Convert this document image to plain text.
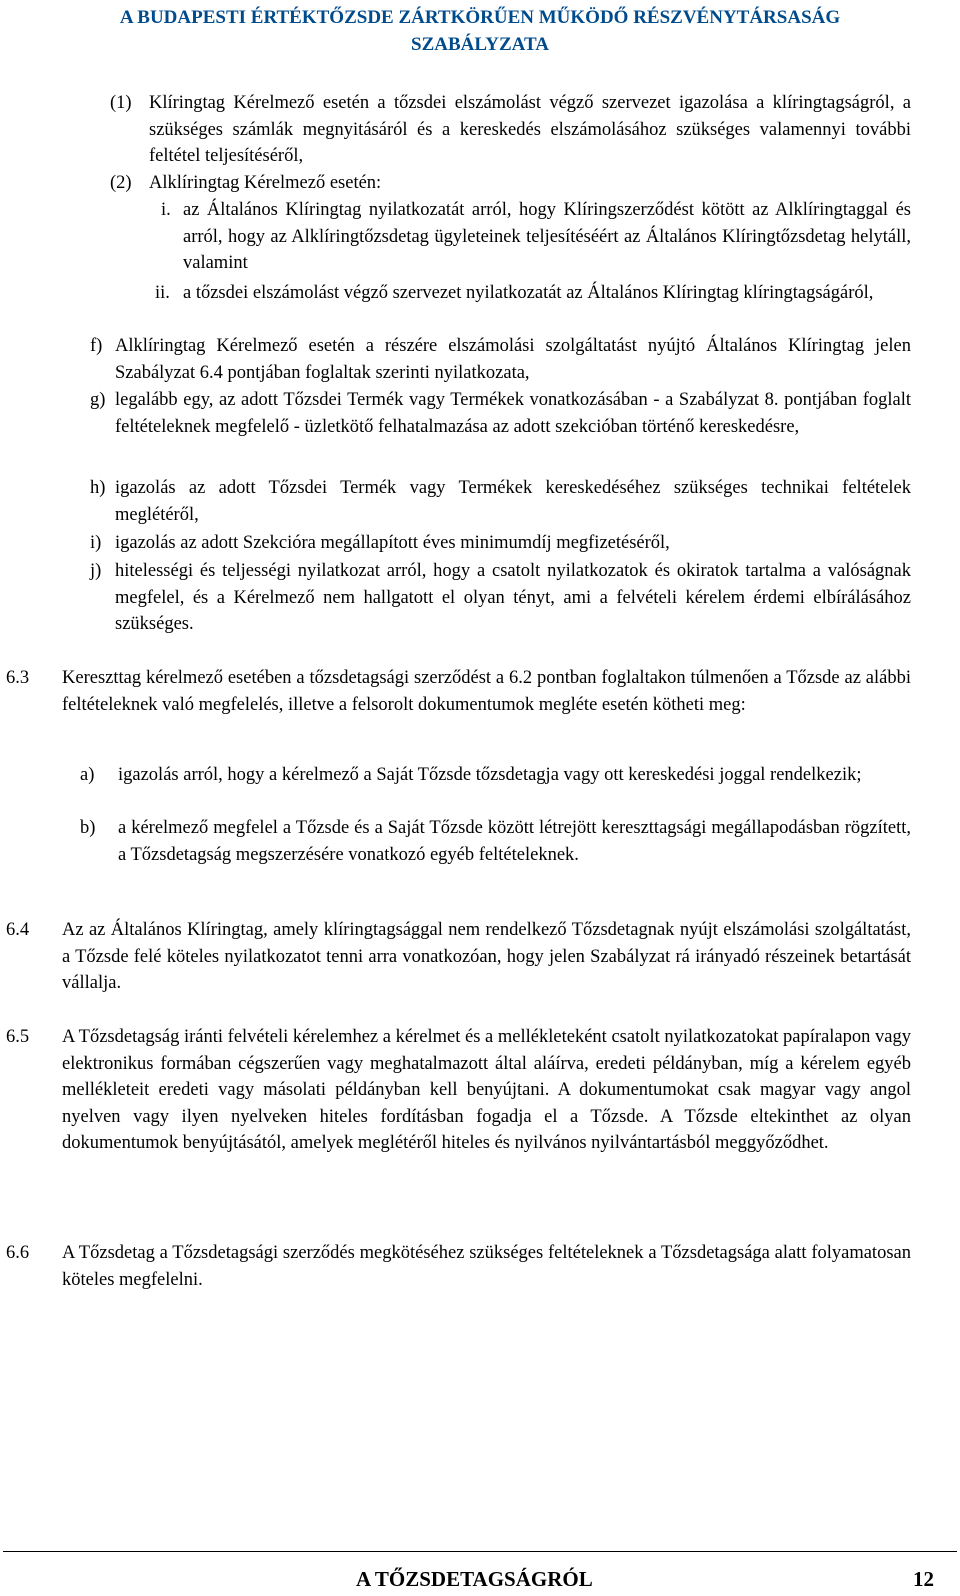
A BUDAPESTI ÉRTÉKTŐZSDE ZÁRTKÖRŰEN MŰKÖDŐ RÉSZVÉNYTÁRSASÁG
SZABÁLYZATA
(1) Klíringtag Kérelmező esetén a tőzsdei elszámolást végző szervezet igazolása a klíringtagságról, a szükséges számlák megnyitásáról és a kereskedés elszámolásához szükséges valamennyi további feltétel teljesítéséről,
(2) Alklíringtag Kérelmező esetén:
i. az Általános Klíringtag nyilatkozatát arról, hogy Klíringszerződést kötött az Alklíringtaggal és arról, hogy az Alklíringtőzsdetag ügyleteinek teljesítéséért az Általános Klíringtőzsdetag helytáll, valamint
ii. a tőzsdei elszámolást végző szervezet nyilatkozatát az Általános Klíringtag klíringtagságáról,
f) Alklíringtag Kérelmező esetén a részére elszámolási szolgáltatást nyújtó Általános Klíringtag jelen Szabályzat 6.4 pontjában foglaltak szerinti nyilatkozata,
g) legalább egy, az adott Tőzsdei Termék vagy Termékek vonatkozásában - a Szabályzat 8. pontjában foglalt feltételeknek megfelelő - üzletkötő felhatalmazása az adott szekcióban történő kereskedésre,
h) igazolás az adott Tőzsdei Termék vagy Termékek kereskedéséhez szükséges technikai feltételek meglétéről,
i) igazolás az adott Szekcióra megállapított éves minimumdíj megfizetéséről,
j) hitelességi és teljességi nyilatkozat arról, hogy a csatolt nyilatkozatok és okiratok tartalma a valóságnak megfelel, és a Kérelmező nem hallgatott el olyan tényt, ami a felvételi kérelem érdemi elbírálásához szükséges.
6.3 Kereszttag kérelmező esetében a tőzsdetagsági szerződést a 6.2 pontban foglaltakon túlmenően a Tőzsde az alábbi feltételeknek való megfelelés, illetve a felsorolt dokumentumok megléte esetén kötheti meg:
a) igazolás arról, hogy a kérelmező a Saját Tőzsde tőzsdetagja vagy ott kereskedési joggal rendelkezik;
b) a kérelmező megfelel a Tőzsde és a Saját Tőzsde között létrejött kereszttagsági megállapodásban rögzített, a Tőzsdetagság megszerzésére vonatkozó egyéb feltételeknek.
6.4 Az az Általános Klíringtag, amely klíringtagsággal nem rendelkező Tőzsdetagnak nyújt elszámolási szolgáltatást, a Tőzsde felé köteles nyilatkozatot tenni arra vonatkozóan, hogy jelen Szabályzat rá irányadó részeinek betartását vállalja.
6.5 A Tőzsdetagság iránti felvételi kérelemhez a kérelmet és a mellékleteként csatolt nyilatkozatokat papíralapon vagy elektronikus formában cégszerűen vagy meghatalmazott által aláírva, eredeti példányban, míg a kérelem egyéb mellékleteit eredeti vagy másolati példányban kell benyújtani. A dokumentumokat csak magyar vagy angol nyelven vagy ilyen nyelveken hiteles fordításban fogadja el a Tőzsde. A Tőzsde eltekinthet az olyan dokumentumok benyújtásától, amelyek meglétéről hiteles és nyilvános nyilvántartásból meggyőződhet.
6.6 A Tőzsdetag a Tőzsdetagsági szerződés megkötéséhez szükséges feltételeknek a Tőzsdetagsága alatt folyamatosan köteles megfelelni.
A TŐZSDETAGSÁGRÓL	12
